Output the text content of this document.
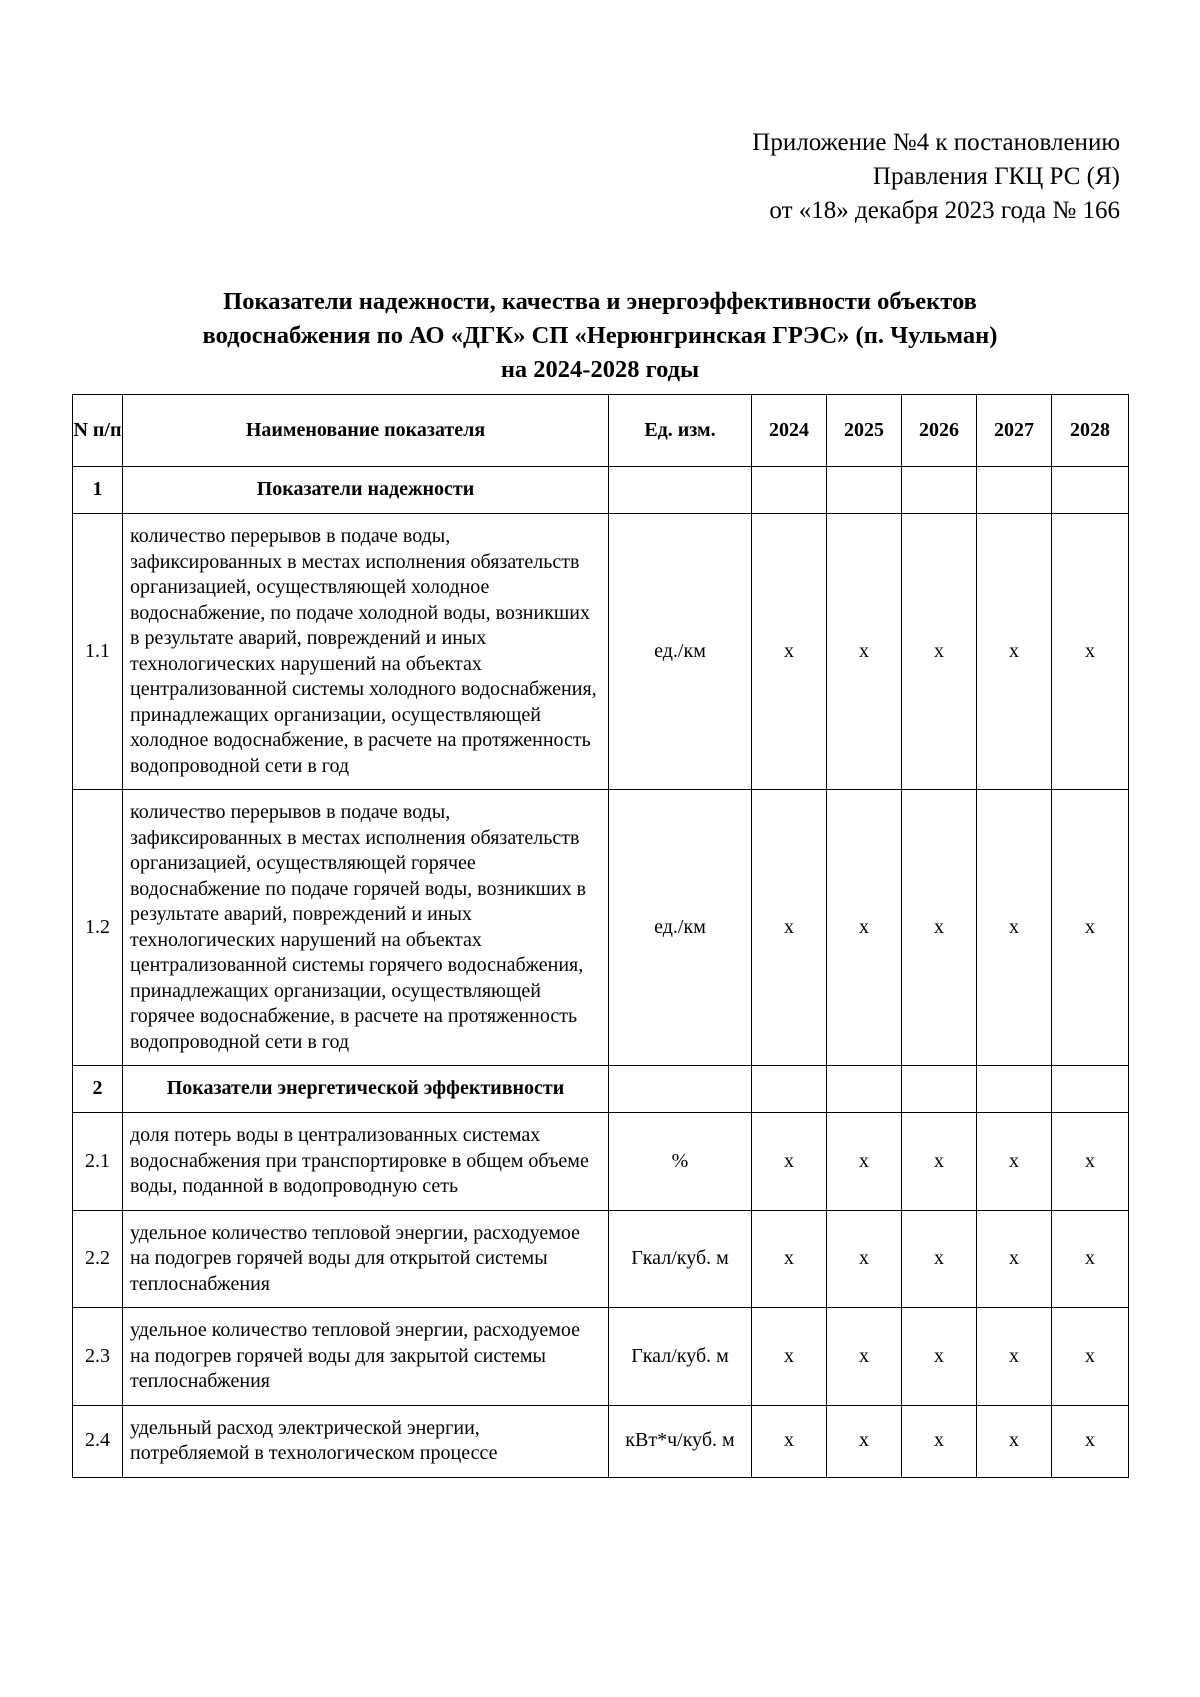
Приложение №4 к постановлению
Правления ГКЦ РС (Я)
от «18» декабря 2023 года № 166
Показатели надежности, качества и энергоэффективности объектов
водоснабжения по АО «ДГК» СП «Нерюнгринская ГРЭС» (п. Чульман)
на 2024-2028 годы
N п/п	Наименование показателя	Ед. изм.	2024	2025	2026	2027	2028
1	Показатели надежности						
1.1	количество перерывов в подаче воды, зафиксированных в местах исполнения обязательств организацией, осуществляющей холодное водоснабжение, по подаче холодной воды, возникших в результате аварий, повреждений и иных технологических нарушений на объектах централизованной системы холодного водоснабжения, принадлежащих организации, осуществляющей холодное водоснабжение, в расчете на протяженность водопроводной сети в год	ед./км	х	х	х	х	х
1.2	количество перерывов в подаче воды, зафиксированных в местах исполнения обязательств организацией, осуществляющей горячее водоснабжение по подаче горячей воды, возникших в результате аварий, повреждений и иных технологических нарушений на объектах централизованной системы горячего водоснабжения, принадлежащих организации, осуществляющей горячее водоснабжение, в расчете на протяженность водопроводной сети в год	ед./км	х	х	х	х	х
2	Показатели энергетической эффективности						
2.1	доля потерь воды в централизованных системах водоснабжения при транспортировке в общем объеме воды, поданной в водопроводную сеть	%	х	х	х	х	х
2.2	удельное количество тепловой энергии, расходуемое на подогрев горячей воды для открытой системы теплоснабжения	Гкал/куб. м	х	х	х	х	х
2.3	удельное количество тепловой энергии, расходуемое на подогрев горячей воды для закрытой системы теплоснабжения	Гкал/куб. м	х	х	х	х	х
2.4	удельный расход электрической энергии, потребляемой в технологическом процессе	кВт*ч/куб. м	х	х	х	х	х
